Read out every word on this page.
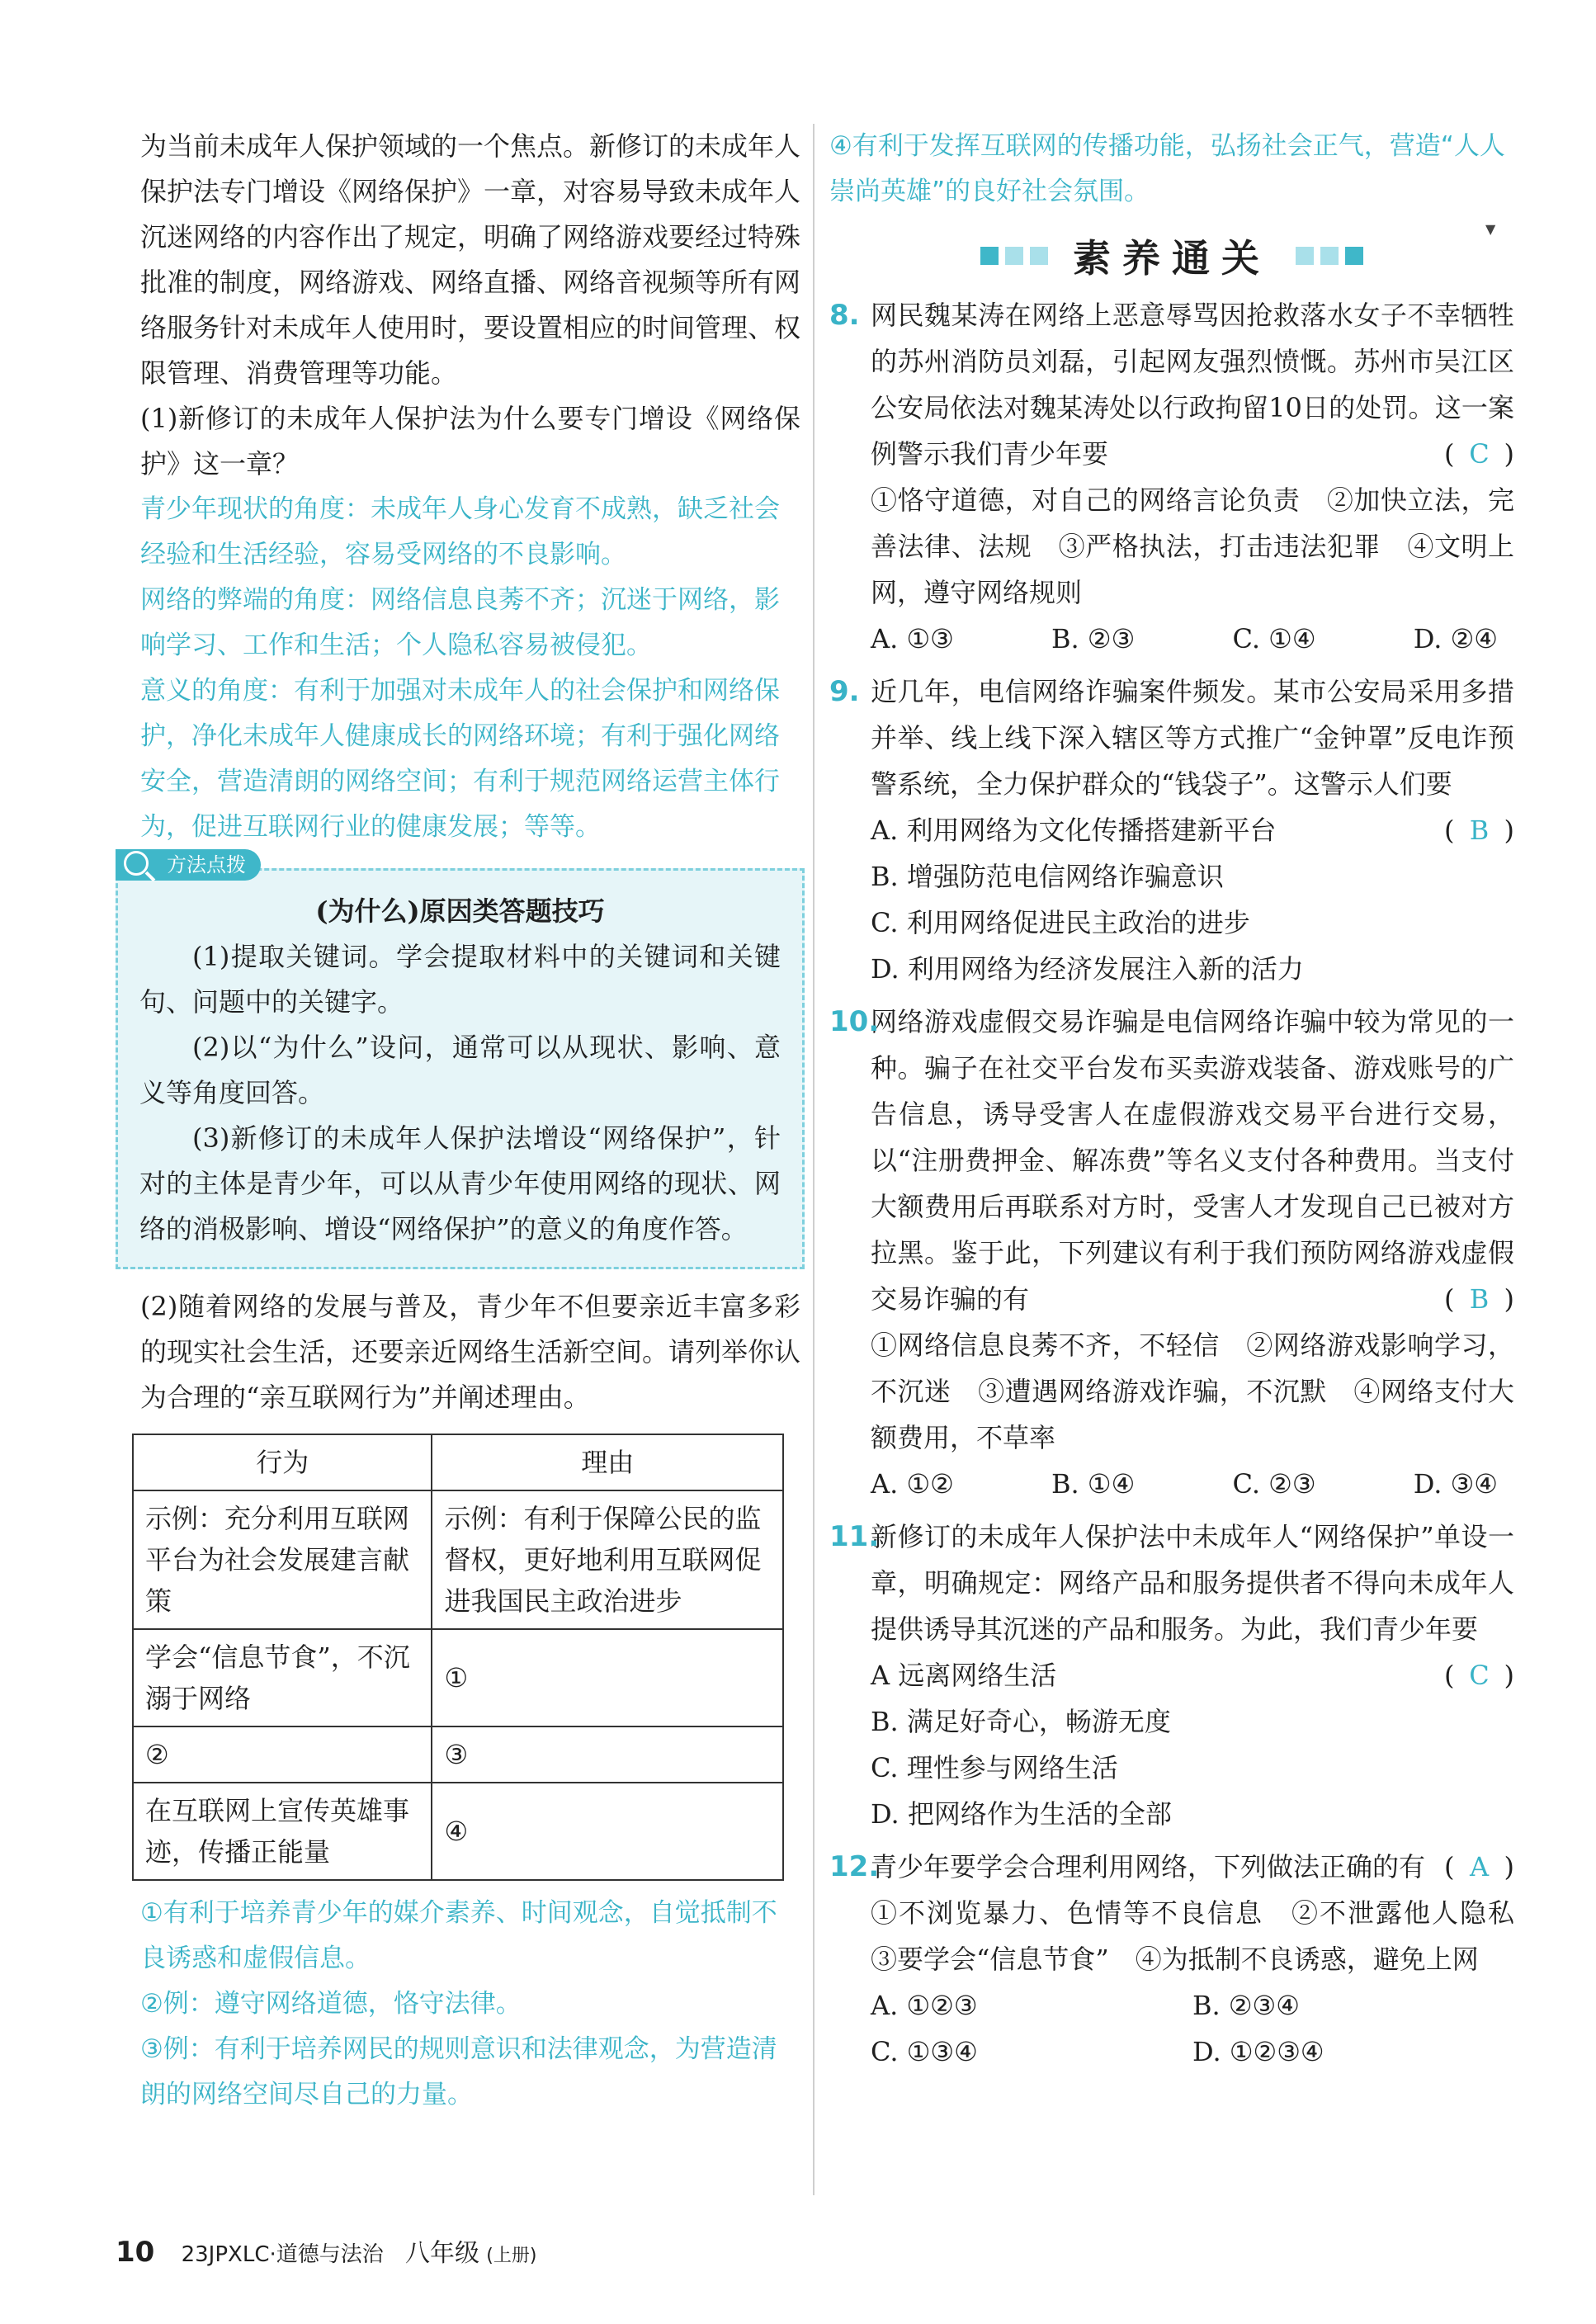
为当前未成年人保护领域的一个焦点。新修订的未成年人保护法专门增设《网络保护》一章，对容易导致未成年人沉迷网络的内容作出了规定，明确了网络游戏要经过特殊批准的制度，网络游戏、网络直播、网络音视频等所有网络服务针对未成年人使用时，要设置相应的时间管理、权限管理、消费管理等功能。

(1)新修订的未成年人保护法为什么要专门增设《网络保护》这一章？

青少年现状的角度：未成年人身心发育不成熟，缺乏社会经验和生活经验，容易受网络的不良影响。

网络的弊端的角度：网络信息良莠不齐；沉迷于网络，影响学习、工作和生活；个人隐私容易被侵犯。

意义的角度：有利于加强对未成年人的社会保护和网络保护，净化未成年人健康成长的网络环境；有利于强化网络安全，营造清朗的网络空间；有利于规范网络运营主体行为，促进互联网行业的健康发展；等等。

方法点拨

(为什么)原因类答题技巧

(1)提取关键词。学会提取材料中的关键词和关键句、问题中的关键字。

(2)以“为什么”设问，通常可以从现状、影响、意义等角度回答。

(3)新修订的未成年人保护法增设“网络保护”，针对的主体是青少年，可以从青少年使用网络的现状、网络的消极影响、增设“网络保护”的意义的角度作答。

(2)随着网络的发展与普及，青少年不但要亲近丰富多彩的现实社会生活，还要亲近网络生活新空间。请列举你认为合理的“亲互联网行为”并阐述理由。

行为	理由
示例：充分利用互联网平台为社会发展建言献策	示例：有利于保障公民的监督权，更好地利用互联网促进我国民主政治进步
学会“信息节食”，不沉溺于网络	①
②	③
在互联网上宣传英雄事迹，传播正能量	④

①有利于培养青少年的媒介素养、时间观念，自觉抵制不良诱惑和虚假信息。

②例：遵守网络道德，恪守法律。

③例：有利于培养网民的规则意识和法律观念，为营造清朗的网络空间尽自己的力量。

▼

④有利于发挥互联网的传播功能，弘扬社会正气，营造“人人崇尚英雄”的良好社会氛围。

素养通关
8. 网民魏某涛在网络上恶意辱骂因抢救落水女子不幸牺牲的苏州消防员刘磊，引起网友强烈愤慨。苏州市吴江区公安局依法对魏某涛处以行政拘留10日的处罚。这一案例警示我们青少年要	( C )

①恪守道德，对自己的网络言论负责　②加快立法，完善法律、法规　③严格执法，打击违法犯罪　④文明上网，遵守网络规则

A. ①③	B. ②③	C. ①④	D. ②④
9. 近几年，电信网络诈骗案件频发。某市公安局采用多措并举、线上线下深入辖区等方式推广“金钟罩”反电诈预警系统，全力保护群众的“钱袋子”。这警示人们要
( B )

A. 利用网络为文化传播搭建新平台

B. 增强防范电信网络诈骗意识

C. 利用网络促进民主政治的进步

D. 利用网络为经济发展注入新的活力

10.
网络游戏虚假交易诈骗是电信网络诈骗中较为常见的一种。骗子在社交平台发布买卖游戏装备、游戏账号的广告信息，诱导受害人在虚假游戏交易平台进行交易，以“注册费押金、解冻费”等名义支付各种费用。当支付大额费用后再联系对方时，受害人才发现自己已被对方拉黑。鉴于此，下列建议有利于我们预防网络游戏虚假交易诈骗的有	( B )

①网络信息良莠不齐，不轻信　②网络游戏影响学习，不沉迷　③遭遇网络游戏诈骗，不沉默　④网络支付大额费用，不草率

A. ①②	B. ①④	C. ②③	D. ③④
11.
新修订的未成年人保护法中未成年人“网络保护”单设一章，明确规定：网络产品和服务提供者不得向未成年人提供诱导其沉迷的产品和服务。为此，我们青少年要
( C )

A 远离网络生活

B. 满足好奇心，畅游无度

C. 理性参与网络生活

D. 把网络作为生活的全部

12.
青少年要学会合理利用网络，下列做法正确的有 ( A )

①不浏览暴力、色情等不良信息　②不泄露他人隐私　③要学会“信息节食”　④为抵制不良诱惑，避免上网

A. ①②③	B. ②③④
C. ①③④	D. ①②③④
10 23JPXLC·道德与法治 八年级 (上册)
